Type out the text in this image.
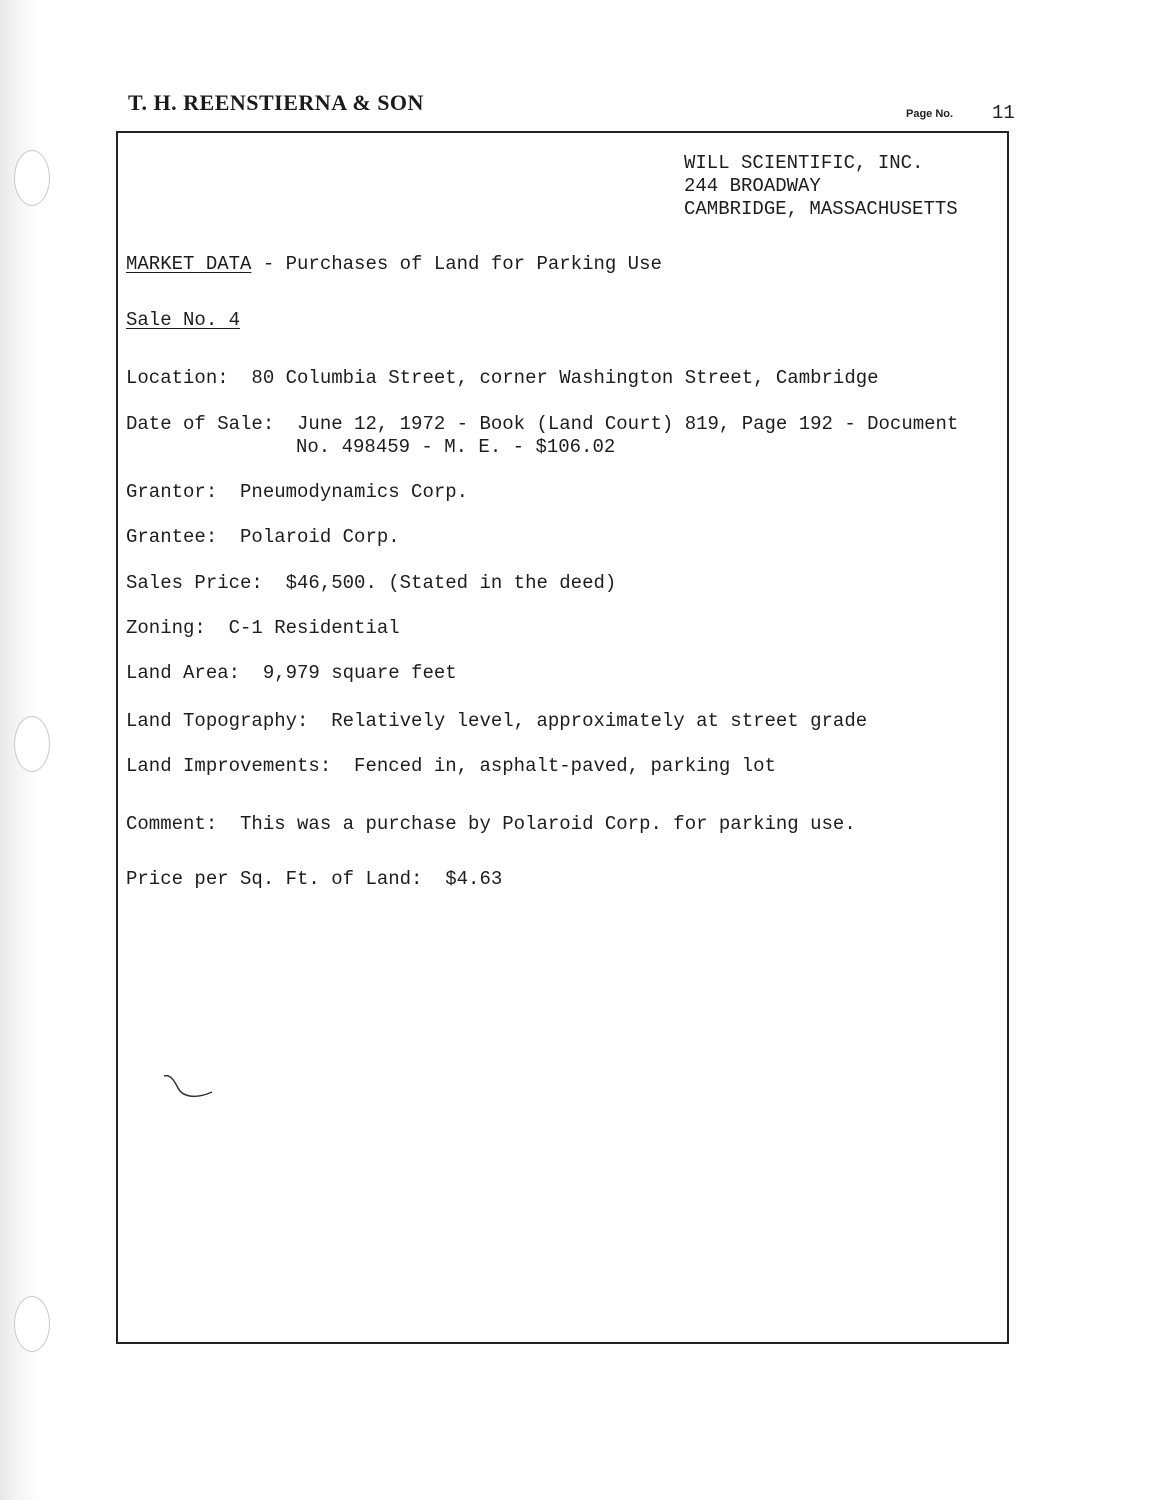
T. H. REENSTIERNA & SON	Page No. 11
WILL SCIENTIFIC, INC.
244 BROADWAY
CAMBRIDGE, MASSACHUSETTS
MARKET DATA - Purchases of Land for Parking Use
Sale No. 4
Location:  80 Columbia Street, corner Washington Street, Cambridge
Date of Sale:  June 12, 1972 - Book (Land Court) 819, Page 192 - Document
No. 498459 - M. E. - $106.02
Grantor:  Pneumodynamics Corp.
Grantee:  Polaroid Corp.
Sales Price:  $46,500. (Stated in the deed)
Zoning:  C-1 Residential
Land Area:  9,979 square feet
Land Topography:  Relatively level, approximately at street grade
Land Improvements:  Fenced in, asphalt-paved, parking lot
Comment:  This was a purchase by Polaroid Corp. for parking use.
Price per Sq. Ft. of Land:  $4.63
